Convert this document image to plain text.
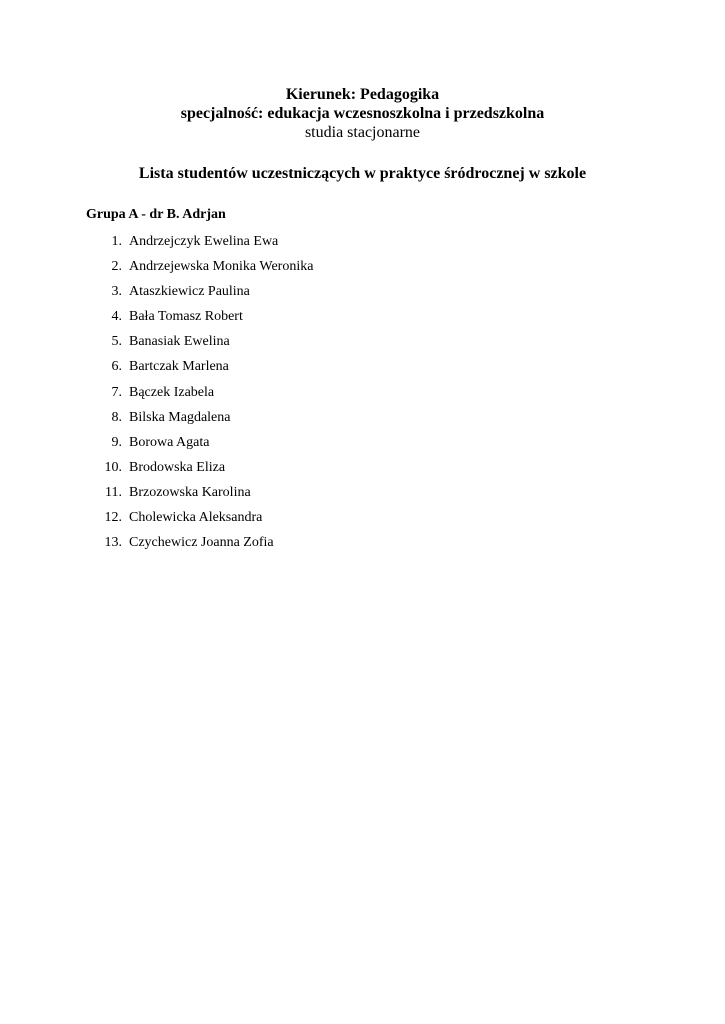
Kierunek: Pedagogika
specjalność: edukacja wczesnoszkolna i przedszkolna
studia stacjonarne
Lista studentów uczestniczących w praktyce śródrocznej w szkole
Grupa A - dr B. Adrjan
1. Andrzejczyk Ewelina Ewa
2. Andrzejewska Monika Weronika
3. Ataszkiewicz Paulina
4. Bała Tomasz Robert
5. Banasiak Ewelina
6. Bartczak Marlena
7. Bączek Izabela
8. Bilska Magdalena
9. Borowa Agata
10. Brodowska Eliza
11. Brzozowska Karolina
12. Cholewicka Aleksandra
13. Czychewicz Joanna Zofia
